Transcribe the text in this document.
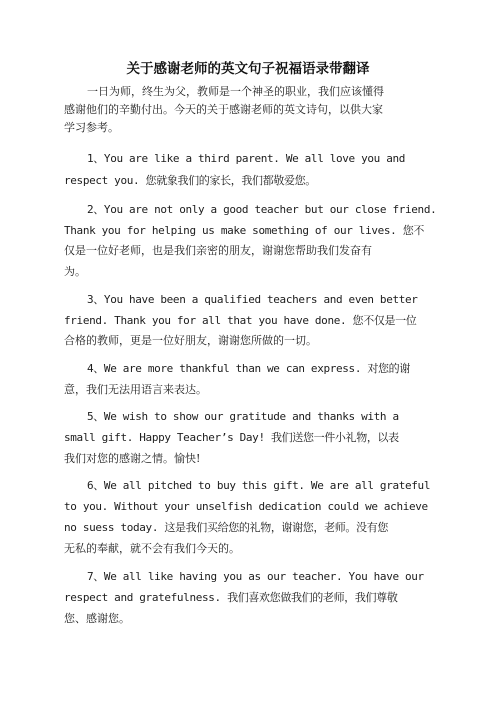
关于感谢老师的英文句子祝福语录带翻译
一日为师，终生为父，教师是一个神圣的职业，我们应该懂得
感谢他们的辛勤付出。今天的关于感谢老师的英文诗句，以供大家
学习参考。
1、You are like a third parent. We all love you and
respect you. 您就象我们的家长，我们都敬爱您。
2、You are not only a good teacher but our close friend.
Thank you for helping us make something of our lives. 您不
仅是一位好老师，也是我们亲密的朋友，谢谢您帮助我们发奋有
为。
3、You have been a qualified teachers and even better
friend. Thank you for all that you have done. 您不仅是一位
合格的教师，更是一位好朋友，谢谢您所做的一切。
4、We are more thankful than we can express. 对您的谢
意，我们无法用语言来表达。
5、We wish to show our gratitude and thanks with a
small gift. Happy Teacher’s Day! 我们送您一件小礼物，以表
我们对您的感谢之情。愉快!
6、We all pitched to buy this gift. We are all grateful
to you. Without your unselfish dedication could we achieve
no suess today. 这是我们买给您的礼物，谢谢您，老师。没有您
无私的奉献，就不会有我们今天的。
7、We all like having you as our teacher. You have our
respect and gratefulness. 我们喜欢您做我们的老师，我们尊敬
您、感谢您。
